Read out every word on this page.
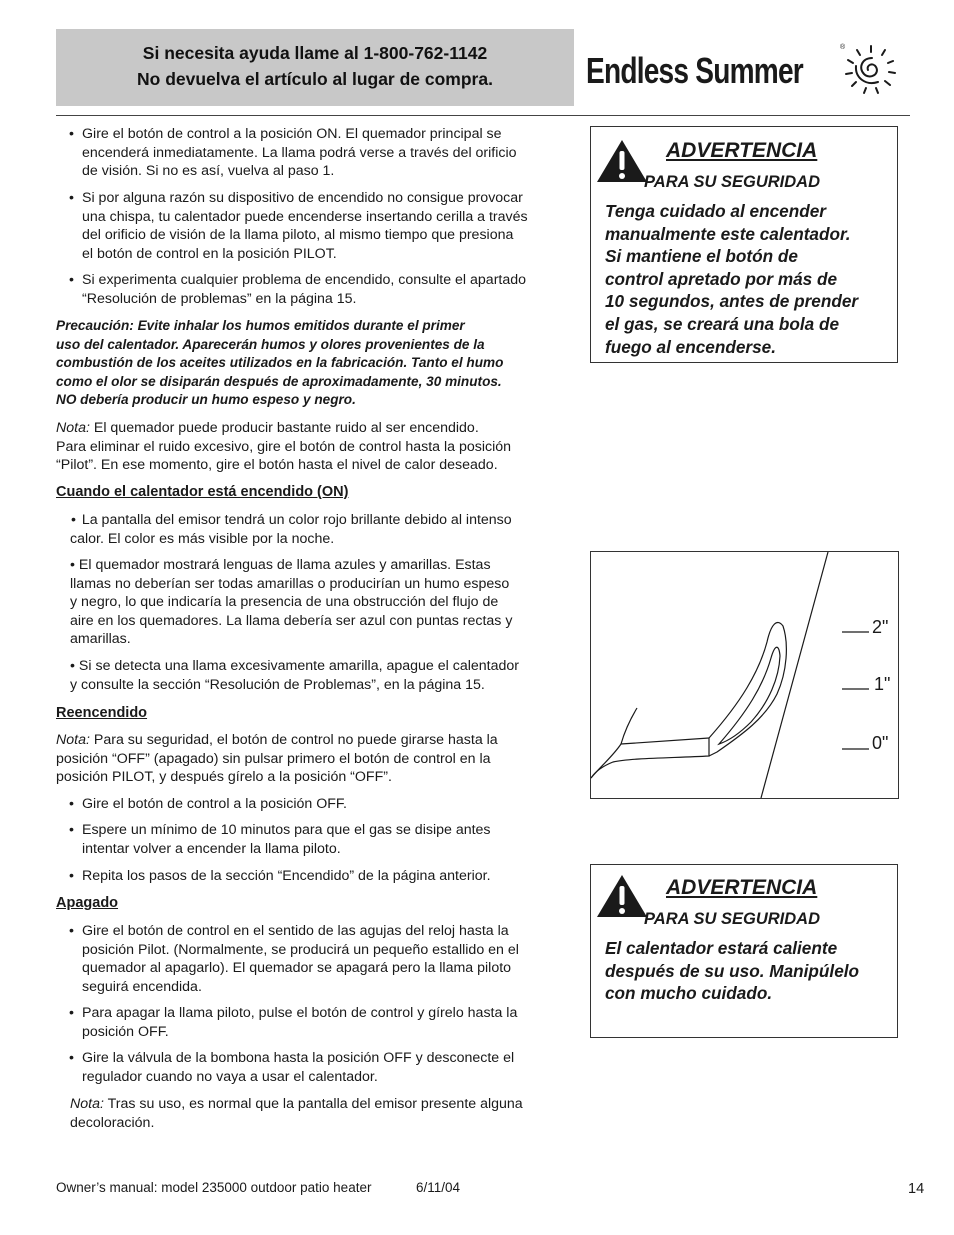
Si necesita ayuda llame al 1-800-762-1142
No devuelva el artículo al lugar de compra.	Endless Summer
®
• Gire el botón de control a la posición ON. El quemador principal se
encenderá inmediatamente. La llama podrá verse a través del orificio
de visión. Si no es así, vuelva al paso 1.
• Si por alguna razón su dispositivo de encendido no consigue provocar
una chispa, tu calentador puede encenderse insertando cerilla a través
del orificio de visión de la llama piloto, al mismo tiempo que presiona
el botón de control en la posición PILOT.
• Si experimenta cualquier problema de encendido, consulte el apartado
“Resolución de problemas” en la página 15.
Precaución: Evite inhalar los humos emitidos durante el primer
uso del calentador. Aparecerán humos y olores provenientes de la
combustión de los aceites utilizados en la fabricación. Tanto el humo
como el olor se disiparán después de aproximadamente, 30 minutos.
NO debería producir un humo espeso y negro.
Nota: El quemador puede producir bastante ruido al ser encendido.
Para eliminar el ruido excesivo, gire el botón de control hasta la posición
“Pilot”. En ese momento, gire el botón hasta el nivel de calor deseado.
Cuando el calentador está encendido (ON)
• La pantalla del emisor tendrá un color rojo brillante debido al intenso
calor. El color es más visible por la noche.
• El quemador mostrará lenguas de llama azules y amarillas. Estas
llamas no deberían ser todas amarillas o producirían un humo espeso
y negro, lo que indicaría la presencia de una obstrucción del flujo de
aire en los quemadores. La llama debería ser azul con puntas rectas y
amarillas.
• Si se detecta una llama excesivamente amarilla, apague el calentador
y consulte la sección “Resolución de Problemas”, en la página 15.
Reencendido
Nota: Para su seguridad, el botón de control no puede girarse hasta la
posición “OFF” (apagado) sin pulsar primero el botón de control en la
posición PILOT, y después gírelo a la posición “OFF”.
• Gire el botón de control a la posición OFF.
• Espere un mínimo de 10 minutos para que el gas se disipe antes
intentar volver a encender la llama piloto.
• Repita los pasos de la sección “Encendido” de la página anterior.
Apagado
• Gire el botón de control en el sentido de las agujas del reloj hasta la
posición Pilot. (Normalmente, se producirá un pequeño estallido en el
quemador al apagarlo). El quemador se apagará pero la llama piloto
seguirá encendida.
• Para apagar la llama piloto, pulse el botón de control y gírelo hasta la
posición OFF.
• Gire la válvula de la bombona hasta la posición OFF y desconecte el
regulador cuando no vaya a usar el calentador.
Nota: Tras su uso, es normal que la pantalla del emisor presente alguna
decoloración.
ADVERTENCIA
PARA SU SEGURIDAD
Tenga cuidado al encender
manualmente este calentador.
Si mantiene el botón de
control apretado por más de
10 segundos, antes de prender
el gas, se creará una bola de
fuego al encenderse.
2"
1"
0"
ADVERTENCIA
PARA SU SEGURIDAD
El calentador estará caliente
después de su uso. Manipúlelo
con mucho cuidado.
Owner’s manual: model 235000 outdoor patio heater	6/11/04	14
